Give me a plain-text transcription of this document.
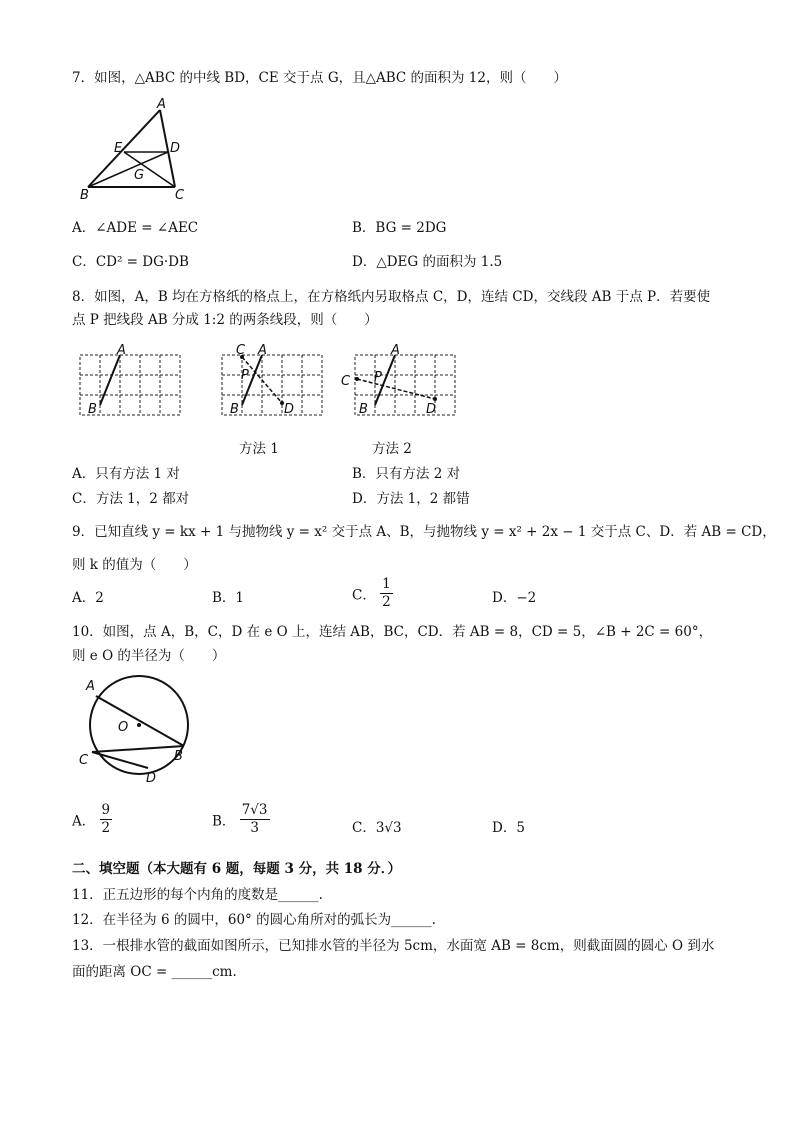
7．如图，△ABC 的中线 BD，CE 交于点 G，且△ABC 的面积为 12，则（　　）
A
E	D
G
B	C
A．∠ADE = ∠AEC	B．BG = 2DG
C．CD² = DG·DB	D．△DEG 的面积为 1.5
8．如图，A，B 均在方格纸的格点上，在方格纸内另取格点 C，D，连结 CD，交线段 AB 于点 P．若要使
点 P 把线段 AB 分成 1:2 的两条线段，则（　　）
A
B
C A
P
B	D
A
C P
B	D
方法 1	方法 2
A．只有方法 1 对	B．只有方法 2 对
C．方法 1，2 都对	D．方法 1，2 都错
9．已知直线 y = kx + 1 与抛物线 y = x² 交于点 A、B，与抛物线 y = x² + 2x − 1 交于点 C、D．若 AB = CD，
则 k 的值为（　　）
A．2	B．1	C． $\frac{1}{2}$	D．−2
10．如图，点 A，B，C，D 在 e O 上，连结 AB，BC，CD．若 AB = 8，CD = 5，∠B + 2C = 60°，
则 e O 的半径为（　　）
A
O
C	B
D
A． $\frac{9}{2}$	B． $\frac{7√3}{3}$	C．3√3	D．5
二、填空题（本大题有 6 题，每题 3 分，共 18 分．）
11．正五边形的每个内角的度数是______.
12．在半径为 6 的圆中，60° 的圆心角所对的弧长为______.
13．一根排水管的截面如图所示，已知排水管的半径为 5cm，水面宽 AB = 8cm，则截面圆的圆心 O 到水
面的距离 OC = ______cm.
